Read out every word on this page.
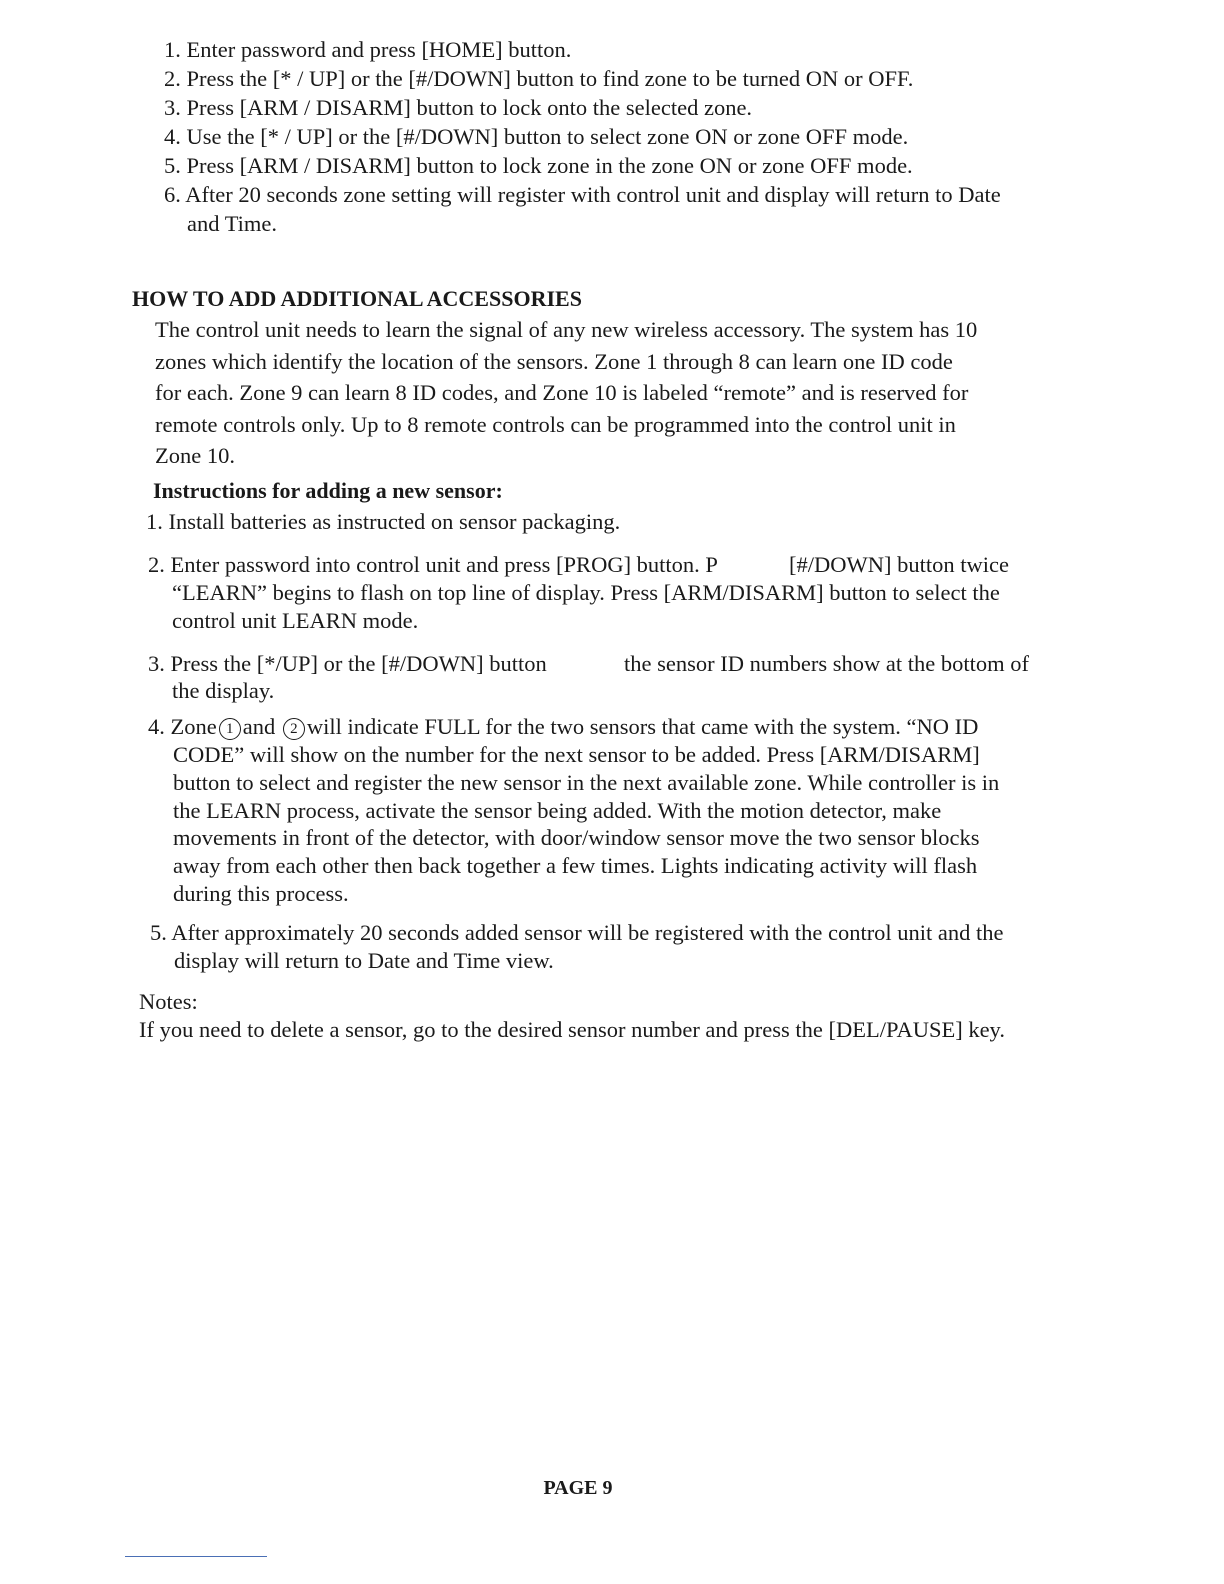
1. Enter password and press [HOME] button.
2. Press the [* / UP] or the [#/DOWN] button to find zone to be turned ON or OFF.
3. Press [ARM / DISARM] button to lock onto the selected zone.
4. Use the [* / UP] or the [#/DOWN] button to select zone ON or zone OFF mode.
5. Press [ARM / DISARM] button to lock zone in the zone ON or zone OFF mode.
6. After 20 seconds zone setting will register with control unit and display will return to Date
and Time.
HOW TO ADD ADDITIONAL ACCESSORIES
The control unit needs to learn the signal of any new wireless accessory. The system has 10
zones which identify the location of the sensors. Zone 1 through 8 can learn one ID code
for each. Zone 9 can learn 8 ID codes, and Zone 10 is labeled “remote” and is reserved for
remote controls only. Up to 8 remote controls can be programmed into the control unit in
Zone 10.
Instructions for adding a new sensor:
1. Install batteries as instructed on sensor packaging.
2. Enter password into control unit and press [PROG] button. P	[#/DOWN] button twice
“LEARN” begins to flash on top line of display. Press [ARM/DISARM] button to select the
control unit LEARN mode.
3. Press the [*/UP] or the [#/DOWN] button	the sensor ID numbers show at the bottom of
the display.
4. Zone 1 and 2 will indicate FULL for the two sensors that came with the system. “NO ID
CODE” will show on the number for the next sensor to be added. Press [ARM/DISARM]
button to select and register the new sensor in the next available zone. While controller is in
the LEARN process, activate the sensor being added. With the motion detector, make
movements in front of the detector, with door/window sensor move the two sensor blocks
away from each other then back together a few times. Lights indicating activity will flash
during this process.
5. After approximately 20 seconds added sensor will be registered with the control unit and the
display will return to Date and Time view.
Notes:
If you need to delete a sensor, go to the desired sensor number and press the [DEL/PAUSE] key.
PAGE 9
